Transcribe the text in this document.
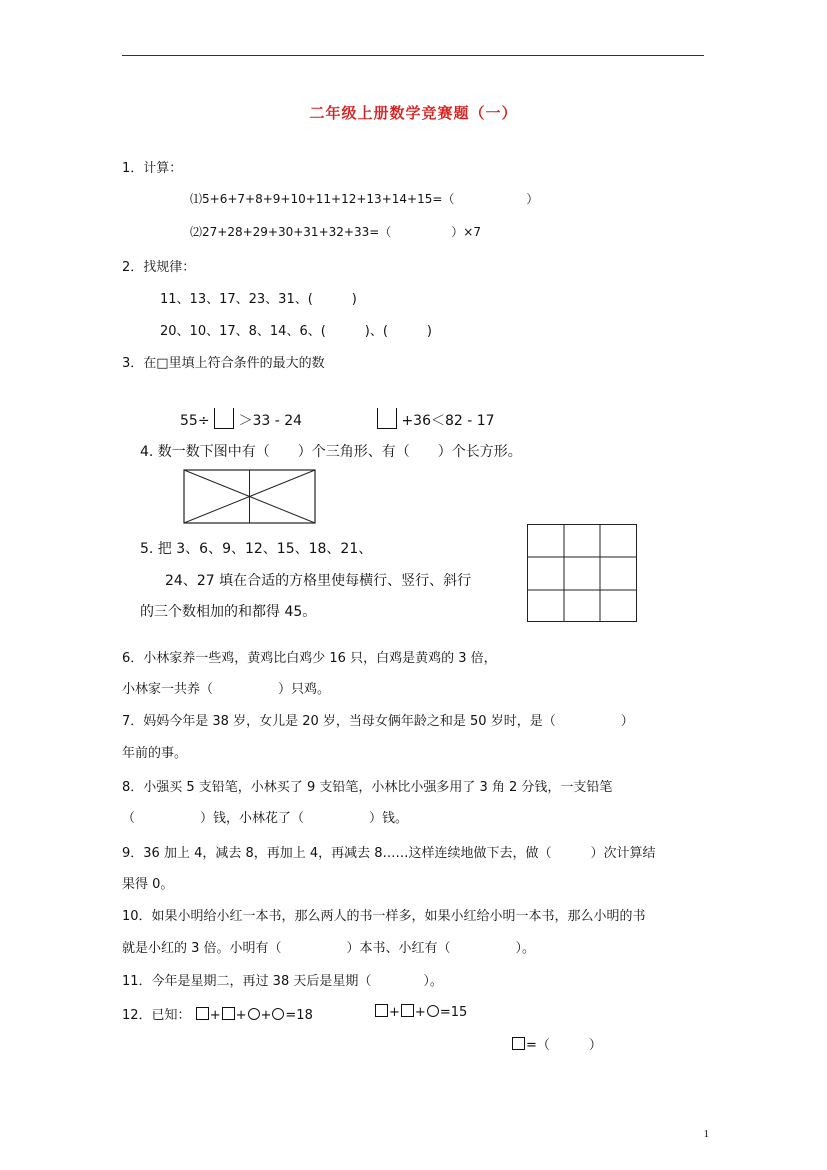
二年级上册数学竞赛题（一）
1．计算：
⑴5+6+7+8+9+10+11+12+13+14+15=（　　　　　　）
⑵27+28+29+30+31+32+33=（　　　　　）×7
2．找规律：
11、13、17、23、31、(　　　)
20、10、17、8、14、6、(　　　)、(　　　)
3．在□里填上符合条件的最大的数
55÷ ＞33 - 24	+36＜82 - 17
4. 数一数下图中有（　　）个三角形、有（　　）个长方形。
5. 把 3、6、9、12、15、18、21、
24、27 填在合适的方格里使每横行、竖行、斜行
的三个数相加的和都得 45。
6．小林家养一些鸡，黄鸡比白鸡少 16 只，白鸡是黄鸡的 3 倍，
小林家一共养（　　　　　）只鸡。
7．妈妈今年是 38 岁，女儿是 20 岁，当母女俩年龄之和是 50 岁时，是（　　　　　）
年前的事。
8．小强买 5 支铅笔，小林买了 9 支铅笔，小林比小强多用了 3 角 2 分钱，一支铅笔
（　　　　　）钱，小林花了（　　　　　）钱。
9．36 加上 4，减去 8，再加上 4，再减去 8……这样连续地做下去，做（　　　）次计算结
果得 0。
10．如果小明给小红一本书，那么两人的书一样多，如果小红给小明一本书，那么小明的书
就是小红的 3 倍。小明有（　　　　　）本书、小红有（　　　　　）。
11．今年是星期二，再过 38 天后是星期（　　　　）。
12．已知： + + + =18	+ + =15
=（　　　）
1
